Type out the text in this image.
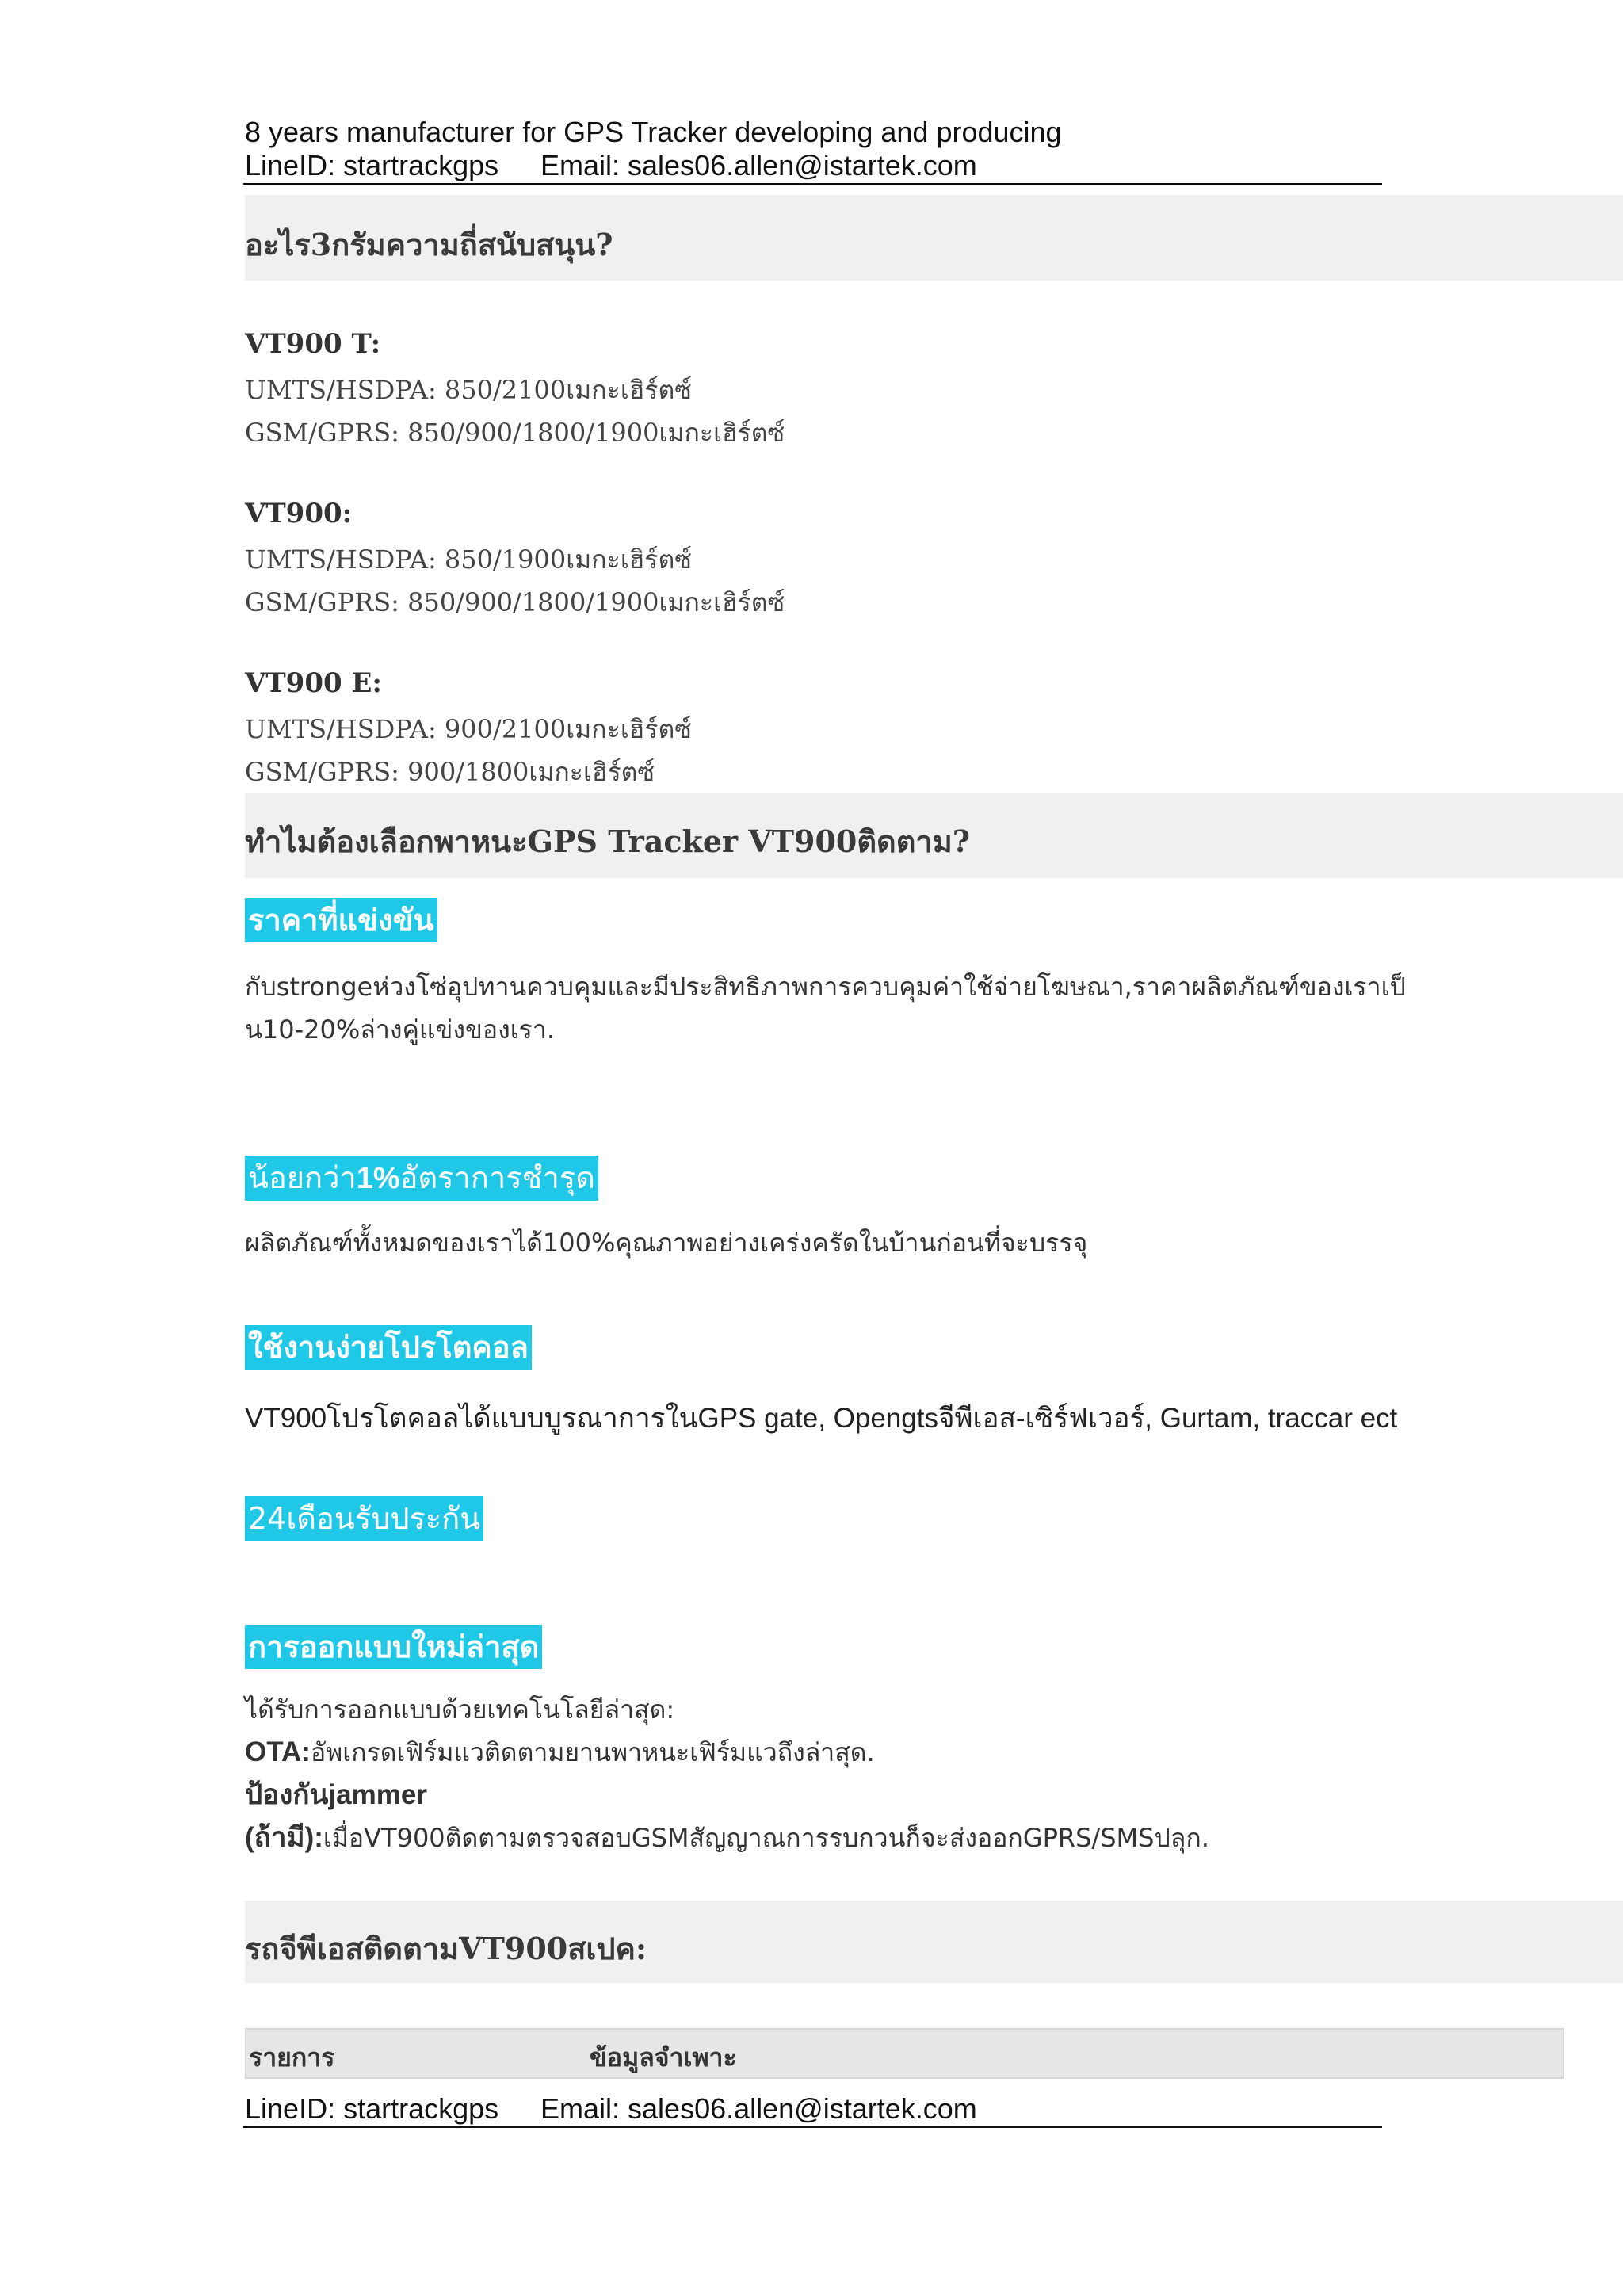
8 years manufacturer for GPS Tracker developing and producing
LineID: startrackgps Email: sales06.allen@istartek.com
อะไร3กรัมความถี่สนับสนุน?
VT900 T:
UMTS/HSDPA: 850/2100เมกะเฮิร์ตซ์
GSM/GPRS: 850/900/1800/1900เมกะเฮิร์ตซ์
VT900:
UMTS/HSDPA: 850/1900เมกะเฮิร์ตซ์
GSM/GPRS: 850/900/1800/1900เมกะเฮิร์ตซ์
VT900 E:
UMTS/HSDPA: 900/2100เมกะเฮิร์ตซ์
GSM/GPRS: 900/1800เมกะเฮิร์ตซ์
ทำไมต้องเลือกพาหนะGPS Tracker VT900ติดตาม?
ราคาที่แข่งขัน
กับstrongeห่วงโซ่อุปทานควบคุมและมีประสิทธิภาพการควบคุมค่าใช้จ่ายโฆษณา,ราคาผลิตภัณฑ์ของเราเป็
น10-20%ล่างคู่แข่งของเรา.
น้อยกว่า1%อัตราการชำรุด
ผลิตภัณฑ์ทั้งหมดของเราได้100%คุณภาพอย่างเคร่งครัดในบ้านก่อนที่จะบรรจุ
ใช้งานง่ายโปรโตคอล
VT900โปรโตคอลได้แบบบูรณาการในGPS gate, Opengtsจีพีเอส-เซิร์ฟเวอร์, Gurtam, traccar ect
24เดือนรับประกัน
การออกแบบใหม่ล่าสุด
ได้รับการออกแบบด้วยเทคโนโลยีล่าสุด:
OTA:อัพเกรดเฟิร์มแวติดตามยานพาหนะเฟิร์มแวถึงล่าสุด.
ป้องกันjammer
(ถ้ามี):เมื่อVT900ติดตามตรวจสอบGSMสัญญาณการรบกวนก็จะส่งออกGPRS/SMSปลุก.
รถจีพีเอสติดตามVT900สเปค:
รายการ	ข้อมูลจำเพาะ
LineID: startrackgps Email: sales06.allen@istartek.com
